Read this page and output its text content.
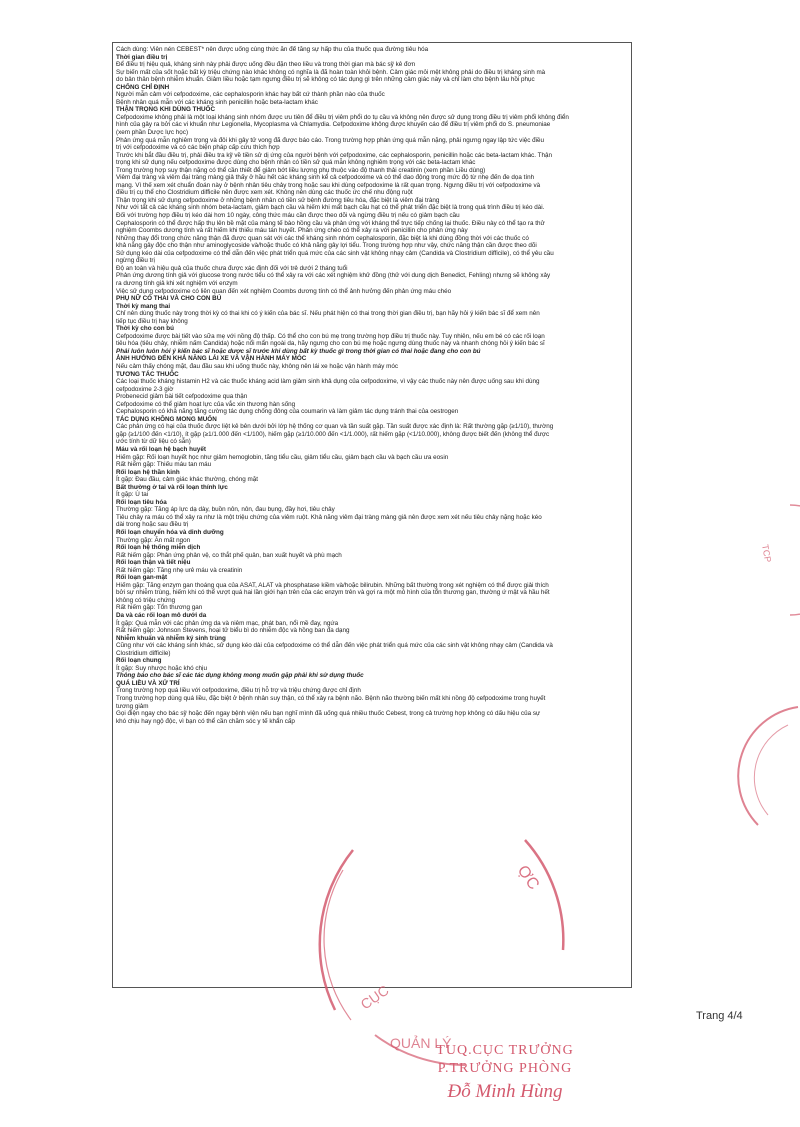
Cách dùng: Viên nén CEBEST* nên được uống cùng thức ăn để tăng sự hấp thu của thuốc qua đường tiêu hóa

Thời gian điều trị

Để điều trị hiệu quả, kháng sinh này phải được uống đều đặn theo liều và trong thời gian mà bác sỹ kê đơn

Sự biến mất của sốt hoặc bất kỳ triệu chứng nào khác không có nghĩa là đã hoàn toàn khỏi bệnh. Cảm giác mỏi mệt không phải do điều trị kháng sinh mà

do bản thân bệnh nhiễm khuẩn. Giảm liều hoặc tạm ngưng điều trị sẽ không có tác dụng gì trên những cảm giác này và chỉ làm cho bệnh lâu hồi phục

CHỐNG CHỈ ĐỊNH

Người mẫn cảm với cefpodoxime, các cephalosporin khác hay bất cứ thành phần nào của thuốc

Bệnh nhân quá mẫn với các kháng sinh penicillin hoặc beta-lactam khác

THẬN TRỌNG KHI DÙNG THUỐC

Cefpodoxime không phải là một loại kháng sinh nhóm được ưu tiên để điều trị viêm phổi do tụ cầu và không nên được sử dụng trong điều trị viêm phổi không điển

hình của gây ra bởi các vi khuẩn như Legionella, Mycoplasma và Chlamydia. Cefpodoxime không được khuyến cáo để điều trị viêm phổi do S. pneumoniae

(xem phần Dược lực học)

Phản ứng quá mẫn nghiêm trọng và đôi khi gây tử vong đã được báo cáo. Trong trường hợp phản ứng quá mẫn nặng, phải ngưng ngay lập tức việc điều

trị với cefpodoxime và có các biện pháp cấp cứu thích hợp

Trước khi bắt đầu điều trị, phải điều tra kỹ về tiền sử dị ứng của người bệnh với cefpodoxime, các cephalosporin, penicillin hoặc các beta-lactam khác. Thận

trọng khi sử dụng nếu cefpodoxime được dùng cho bệnh nhân có tiền sử quá mẫn không nghiêm trọng với các beta-lactam khác

Trong trường hợp suy thận nặng có thể cần thiết để giảm bớt liều lượng phụ thuộc vào độ thanh thải creatinin (xem phần Liều dùng)

Viêm đại tràng và viêm đại tràng màng giả thấy ở hầu hết các kháng sinh kể cả cefpodoxime và có thể dao động trong mức độ từ nhẹ đến đe dọa tính

mạng. Vì thế xem xét chuẩn đoán này ở bệnh nhân tiêu chảy trong hoặc sau khi dùng cefpodoxime là rất quan trọng. Ngưng điều trị với cefpodoxime và

điều trị cụ thể cho Clostridium difficile nên được xem xét. Không nên dùng các thuốc ức chế nhu động ruột

Thận trọng khi sử dụng cefpodoxime ở những bệnh nhân có tiền sử bệnh đường tiêu hóa, đặc biệt là viêm đại tràng

Như với tất cả các kháng sinh nhóm beta-lactam, giảm bạch cầu và hiếm khi mất bạch cầu hạt có thể phát triển đặc biệt là trong quá trình điều trị kéo dài.

Đối với trường hợp điều trị kéo dài hơn 10 ngày, công thức máu cần được theo dõi và ngừng điều trị nếu có giảm bạch cầu

Cephalosporin có thể được hấp thụ lên bề mặt của màng tế bào hồng cầu và phản ứng với kháng thể trực tiếp chống lại thuốc. Điều này có thể tạo ra thử

nghiệm Coombs dương tính và rất hiếm khi thiếu máu tán huyết. Phản ứng chéo có thể xảy ra với penicillin cho phản ứng này

Những thay đổi trong chức năng thận đã được quan sát với các thể kháng sinh nhóm cephalosporin, đặc biệt là khi dùng đồng thời với các thuốc có

khả năng gây độc cho thận như aminoglycoside và/hoặc thuốc có khả năng gây lợi tiểu. Trong trường hợp như vậy, chức năng thận cần được theo dõi

Sử dụng kéo dài của cefpodoxime có thể dẫn đến việc phát triển quá mức của các sinh vật không nhạy cảm (Candida và Clostridium difficile), có thể yêu cầu

ngừng điều trị

Độ an toàn và hiệu quả của thuốc chưa được xác định đối với trẻ dưới 2 tháng tuổi

Phản ứng dương tính giả với glucose trong nước tiểu có thể xảy ra với các xét nghiệm khử đồng (thử với dung dịch Benedict, Fehling) nhưng sẽ không xảy

ra dương tính giả khi xét nghiệm với enzym

Việc sử dụng cefpodoxime có liên quan đến xét nghiệm Coombs dương tính có thể ảnh hưởng đến phản ứng máu chéo

PHỤ NỮ CÓ THAI VÀ CHO CON BÚ

Thời kỳ mang thai

Chỉ nên dùng thuốc này trong thời kỳ có thai khi có ý kiến của bác sĩ. Nếu phát hiện có thai trong thời gian điều trị, bạn hãy hỏi ý kiến bác sĩ để xem nên

tiếp tục điều trị hay không

Thời kỳ cho con bú

Cefpodoxime được bài tiết vào sữa mẹ với nồng độ thấp. Có thể cho con bú mẹ trong trường hợp điều trị thuốc này. Tuy nhiên, nếu em bé có các rối loạn

tiêu hóa (tiêu chảy, nhiễm nấm Candida) hoặc nổi mẩn ngoài da, hãy ngưng cho con bú mẹ hoặc ngưng dùng thuốc này và nhanh chóng hỏi ý kiến bác sĩ

Phải luôn luôn hỏi ý kiến bác sĩ hoặc dược sĩ trước khi dùng bất kỳ thuốc gì trong thời gian có thai hoặc đang cho con bú

ẢNH HƯỞNG ĐẾN KHẢ NĂNG LÁI XE VÀ VẬN HÀNH MÁY MÓC

Nếu cảm thấy chóng mặt, đau đầu sau khi uống thuốc này, không nên lái xe hoặc vận hành máy móc

TƯƠNG TÁC THUỐC

Các loại thuốc kháng histamin H2 và các thuốc kháng acid làm giảm sinh khả dụng của cefpodoxime, vì vậy các thuốc này nên được uống sau khi dùng

cefpodoxime 2-3 giờ

Probenecid giảm bài tiết cefpodoxime qua thận

Cefpodoxime có thể giảm hoạt lực của vắc xin thương hàn sống

Cephalosporin có khả năng tăng cường tác dụng chống đông của coumarin và làm giảm tác dụng tránh thai của oestrogen

TÁC DỤNG KHÔNG MONG MUỐN

Các phản ứng có hại của thuốc được liệt kê bên dưới bởi lớp hệ thống cơ quan và tần suất gặp. Tần suất được xác định là: Rất thường gặp (≥1/10), thường

gặp (≥1/100 đến <1/10), ít gặp (≥1/1.000 đến <1/100), hiếm gặp (≥1/10.000 đến <1/1.000), rất hiếm gặp (<1/10.000), không được biết đến (không thể được

ước tính từ dữ liệu có sẵn)

Máu và rối loạn hệ bạch huyết

Hiếm gặp: Rối loạn huyết học như giảm hemoglobin, tăng tiểu cầu, giảm tiểu cầu, giảm bạch cầu và bạch cầu ưa eosin

Rất hiếm gặp: Thiếu máu tan máu

Rối loạn hệ thần kinh

Ít gặp: Đau đầu, cảm giác khác thường, chóng mặt

Bất thường ở tai và rối loạn thính lực

Ít gặp: Ù tai

Rối loạn tiêu hóa

Thường gặp: Tăng áp lực dạ dày, buồn nôn, nôn, đau bụng, đầy hơi, tiêu chảy

Tiêu chảy ra máu có thể xảy ra như là một triệu chứng của viêm ruột. Khả năng viêm đại tràng màng giả nên được xem xét nếu tiêu chảy nặng hoặc kéo

dài trong hoặc sau điều trị

Rối loạn chuyển hóa và dinh dưỡng

Thường gặp: Ăn mất ngon

Rối loạn hệ thống miễn dịch

Rất hiếm gặp: Phản ứng phản vệ, co thắt phế quản, ban xuất huyết và phù mạch

Rối loạn thận và tiết niệu

Rất hiếm gặp: Tăng nhẹ urê máu và creatinin

Rối loạn gan-mật

Hiếm gặp: Tăng enzym gan thoáng qua của ASAT, ALAT và phosphatase kiềm và/hoặc bilirubin. Những bất thường trong xét nghiệm có thể được giải thích

bởi sự nhiễm trùng, hiếm khi có thể vượt quá hai lần giới hạn trên của các enzym trên và gợi ra một mô hình của tổn thương gan, thường ứ mật và hầu hết

không có triệu chứng

Rất hiếm gặp: Tổn thương gan

Da và các rối loạn mô dưới da

Ít gặp: Quá mẫn với các phản ứng da và niêm mạc, phát ban, nổi mề đay, ngứa

Rất hiếm gặp: Johnson Stevens, hoại tử biểu bì do nhiễm độc và hồng ban đa dạng

Nhiễm khuẩn và nhiễm ký sinh trùng

Cũng như với các kháng sinh khác, sử dụng kéo dài của cefpodoxime có thể dẫn đến việc phát triển quá mức của các sinh vật không nhạy cảm (Candida và

Clostridium difficile)

Rối loạn chung

Ít gặp: Suy nhược hoặc khó chịu

Thông báo cho bác sĩ các tác dụng không mong muốn gặp phải khi sử dụng thuốc

QUÁ LIỀU VÀ XỬ TRÍ

Trong trường hợp quá liều với cefpodoxime, điều trị hỗ trợ và triệu chứng được chỉ định

Trong trường hợp dùng quá liều, đặc biệt ở bệnh nhân suy thận, có thể xảy ra bệnh não. Bệnh não thường biến mất khi nồng độ cefpodoxime trong huyết

tương giảm

Gọi điện ngay cho bác sỹ hoặc đến ngay bệnh viện nếu bạn nghĩ mình đã uống quá nhiều thuốc Cebest, trong cả trường hợp không có dấu hiệu của sự

khó chịu hay ngộ độc, vì bạn có thể cần chăm sóc y tế khẩn cấp

CỤC
QUẢN LÝ
ỢC
TCP
Trang 4/4
TUQ.CỤC TRƯỞNG
P.TRƯỞNG PHÒNG
Đỗ Minh Hùng
